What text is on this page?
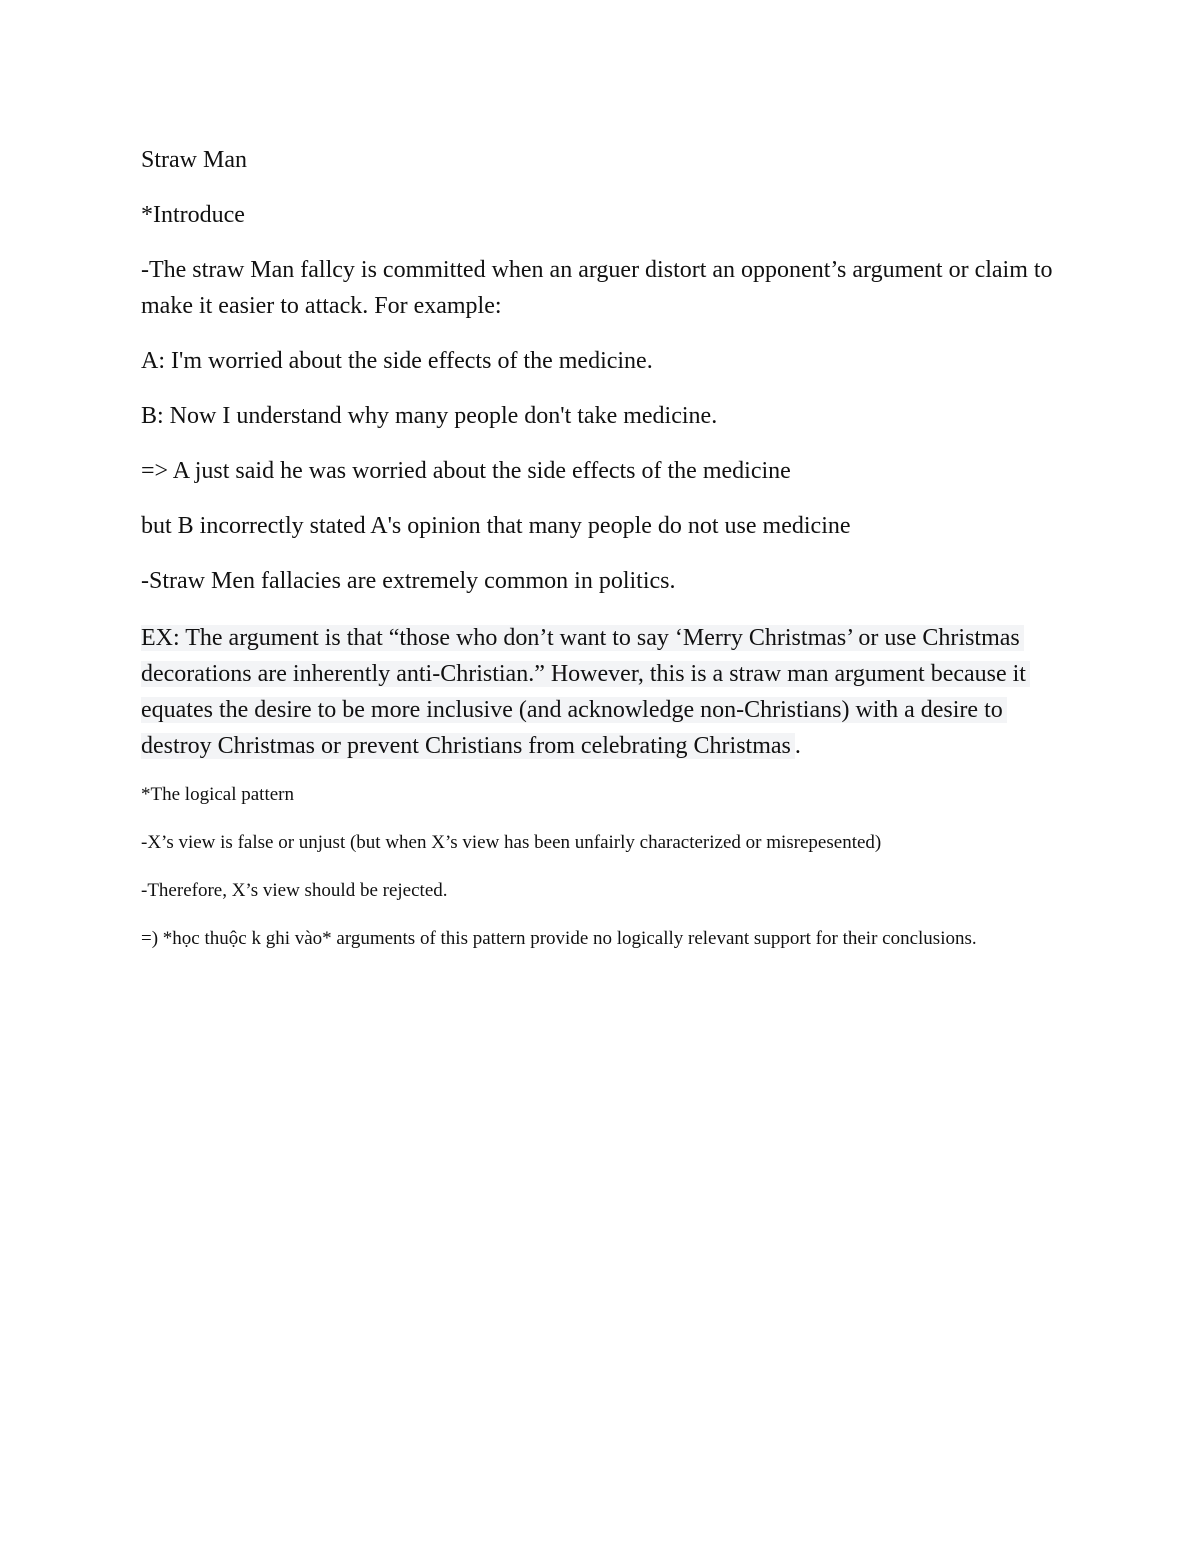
Straw Man

*Introduce

-The straw Man fallcy is committed when an arguer distort an opponent’s argument or claim to make it easier to attack. For example:

A: I'm worried about the side effects of the medicine.

B: Now I understand why many people don't take medicine.

=> A just said he was worried about the side effects of the medicine

but B incorrectly stated A's opinion that many people do not use medicine

-Straw Men fallacies are extremely common in politics.

EX: The argument is that “those who don’t want to say ‘Merry Christmas’ or use Christmas decorations are inherently anti-Christian.” However, this is a straw man argument because it equates the desire to be more inclusive (and acknowledge non-Christians) with a desire to destroy Christmas or prevent Christians from celebrating Christmas .

*The logical pattern

-X’s view is false or unjust (but when X’s view has been unfairly characterized or misrepesented)

-Therefore, X’s view should be rejected.

=) *học thuộc k ghi vào* arguments of this pattern provide no logically relevant support for their conclusions.
